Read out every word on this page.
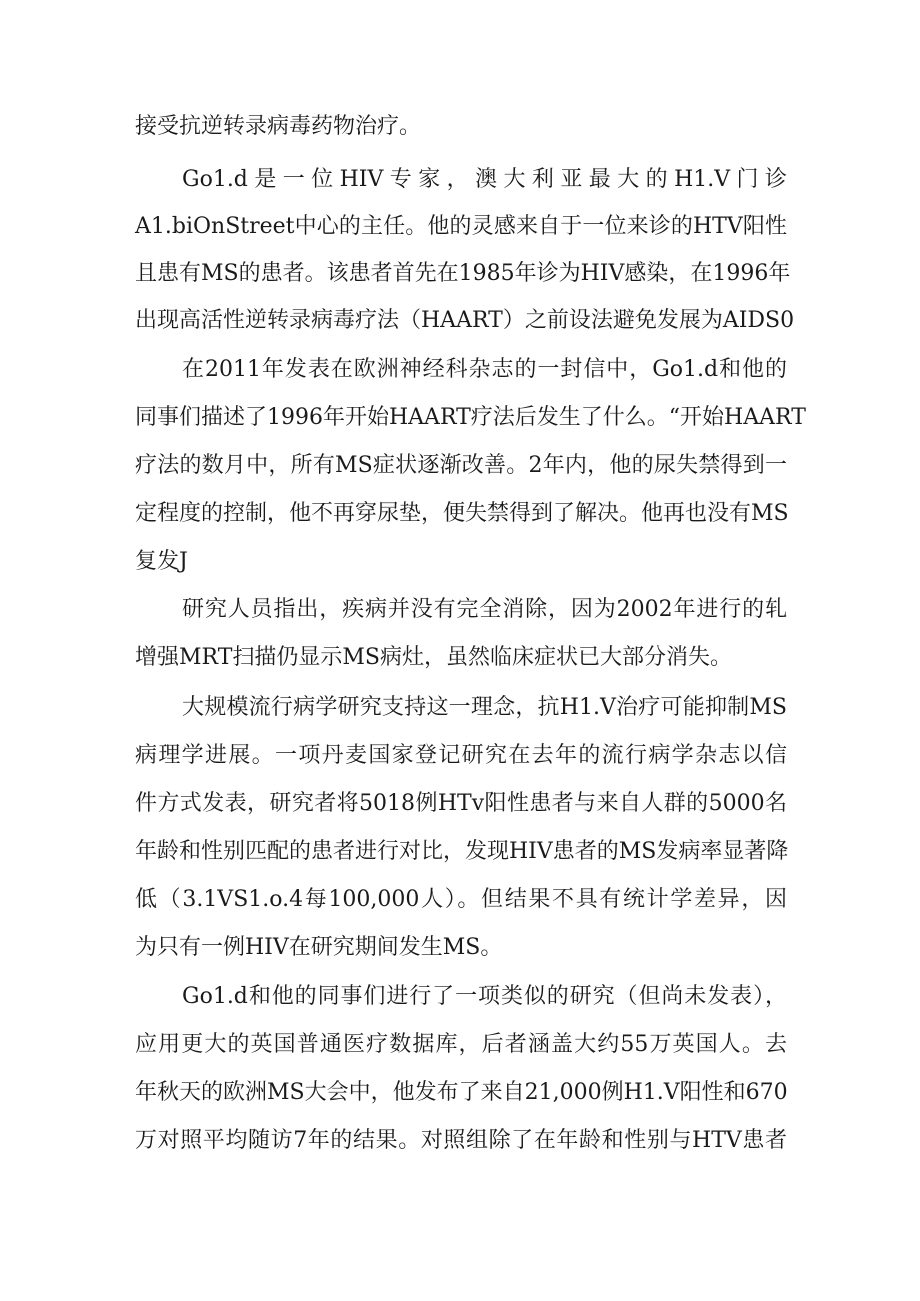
接受抗逆转录病毒药物治疗。
Go1.d是一位HIV专家，澳大利亚最大的H1.V门诊
A1.biOnStreet中心的主任。他的灵感来自于一位来诊的HTV阳性
且患有MS的患者。该患者首先在1985年诊为HIV感染，在1996年
出现高活性逆转录病毒疗法（HAART）之前设法避免发展为AIDS0
在2011年发表在欧洲神经科杂志的一封信中，Go1.d和他的
同事们描述了1996年开始HAART疗法后发生了什么。“开始HAART
疗法的数月中，所有MS症状逐渐改善。2年内，他的尿失禁得到一
定程度的控制，他不再穿尿垫，便失禁得到了解决。他再也没有MS
复发J
研究人员指出，疾病并没有完全消除，因为2002年进行的轧
增强MRT扫描仍显示MS病灶，虽然临床症状已大部分消失。
大规模流行病学研究支持这一理念，抗H1.V治疗可能抑制MS
病理学进展。一项丹麦国家登记研究在去年的流行病学杂志以信
件方式发表，研究者将5018例HTv阳性患者与来自人群的5000名
年龄和性别匹配的患者进行对比，发现HIV患者的MS发病率显著降
低（3.1VS1.o.4每100,000人）。但结果不具有统计学差异，因
为只有一例HIV在研究期间发生MS。
Go1.d和他的同事们进行了一项类似的研究（但尚未发表），
应用更大的英国普通医疗数据库，后者涵盖大约55万英国人。去
年秋天的欧洲MS大会中，他发布了来自21,000例H1.V阳性和670
万对照平均随访7年的结果。对照组除了在年龄和性别与HTV患者
